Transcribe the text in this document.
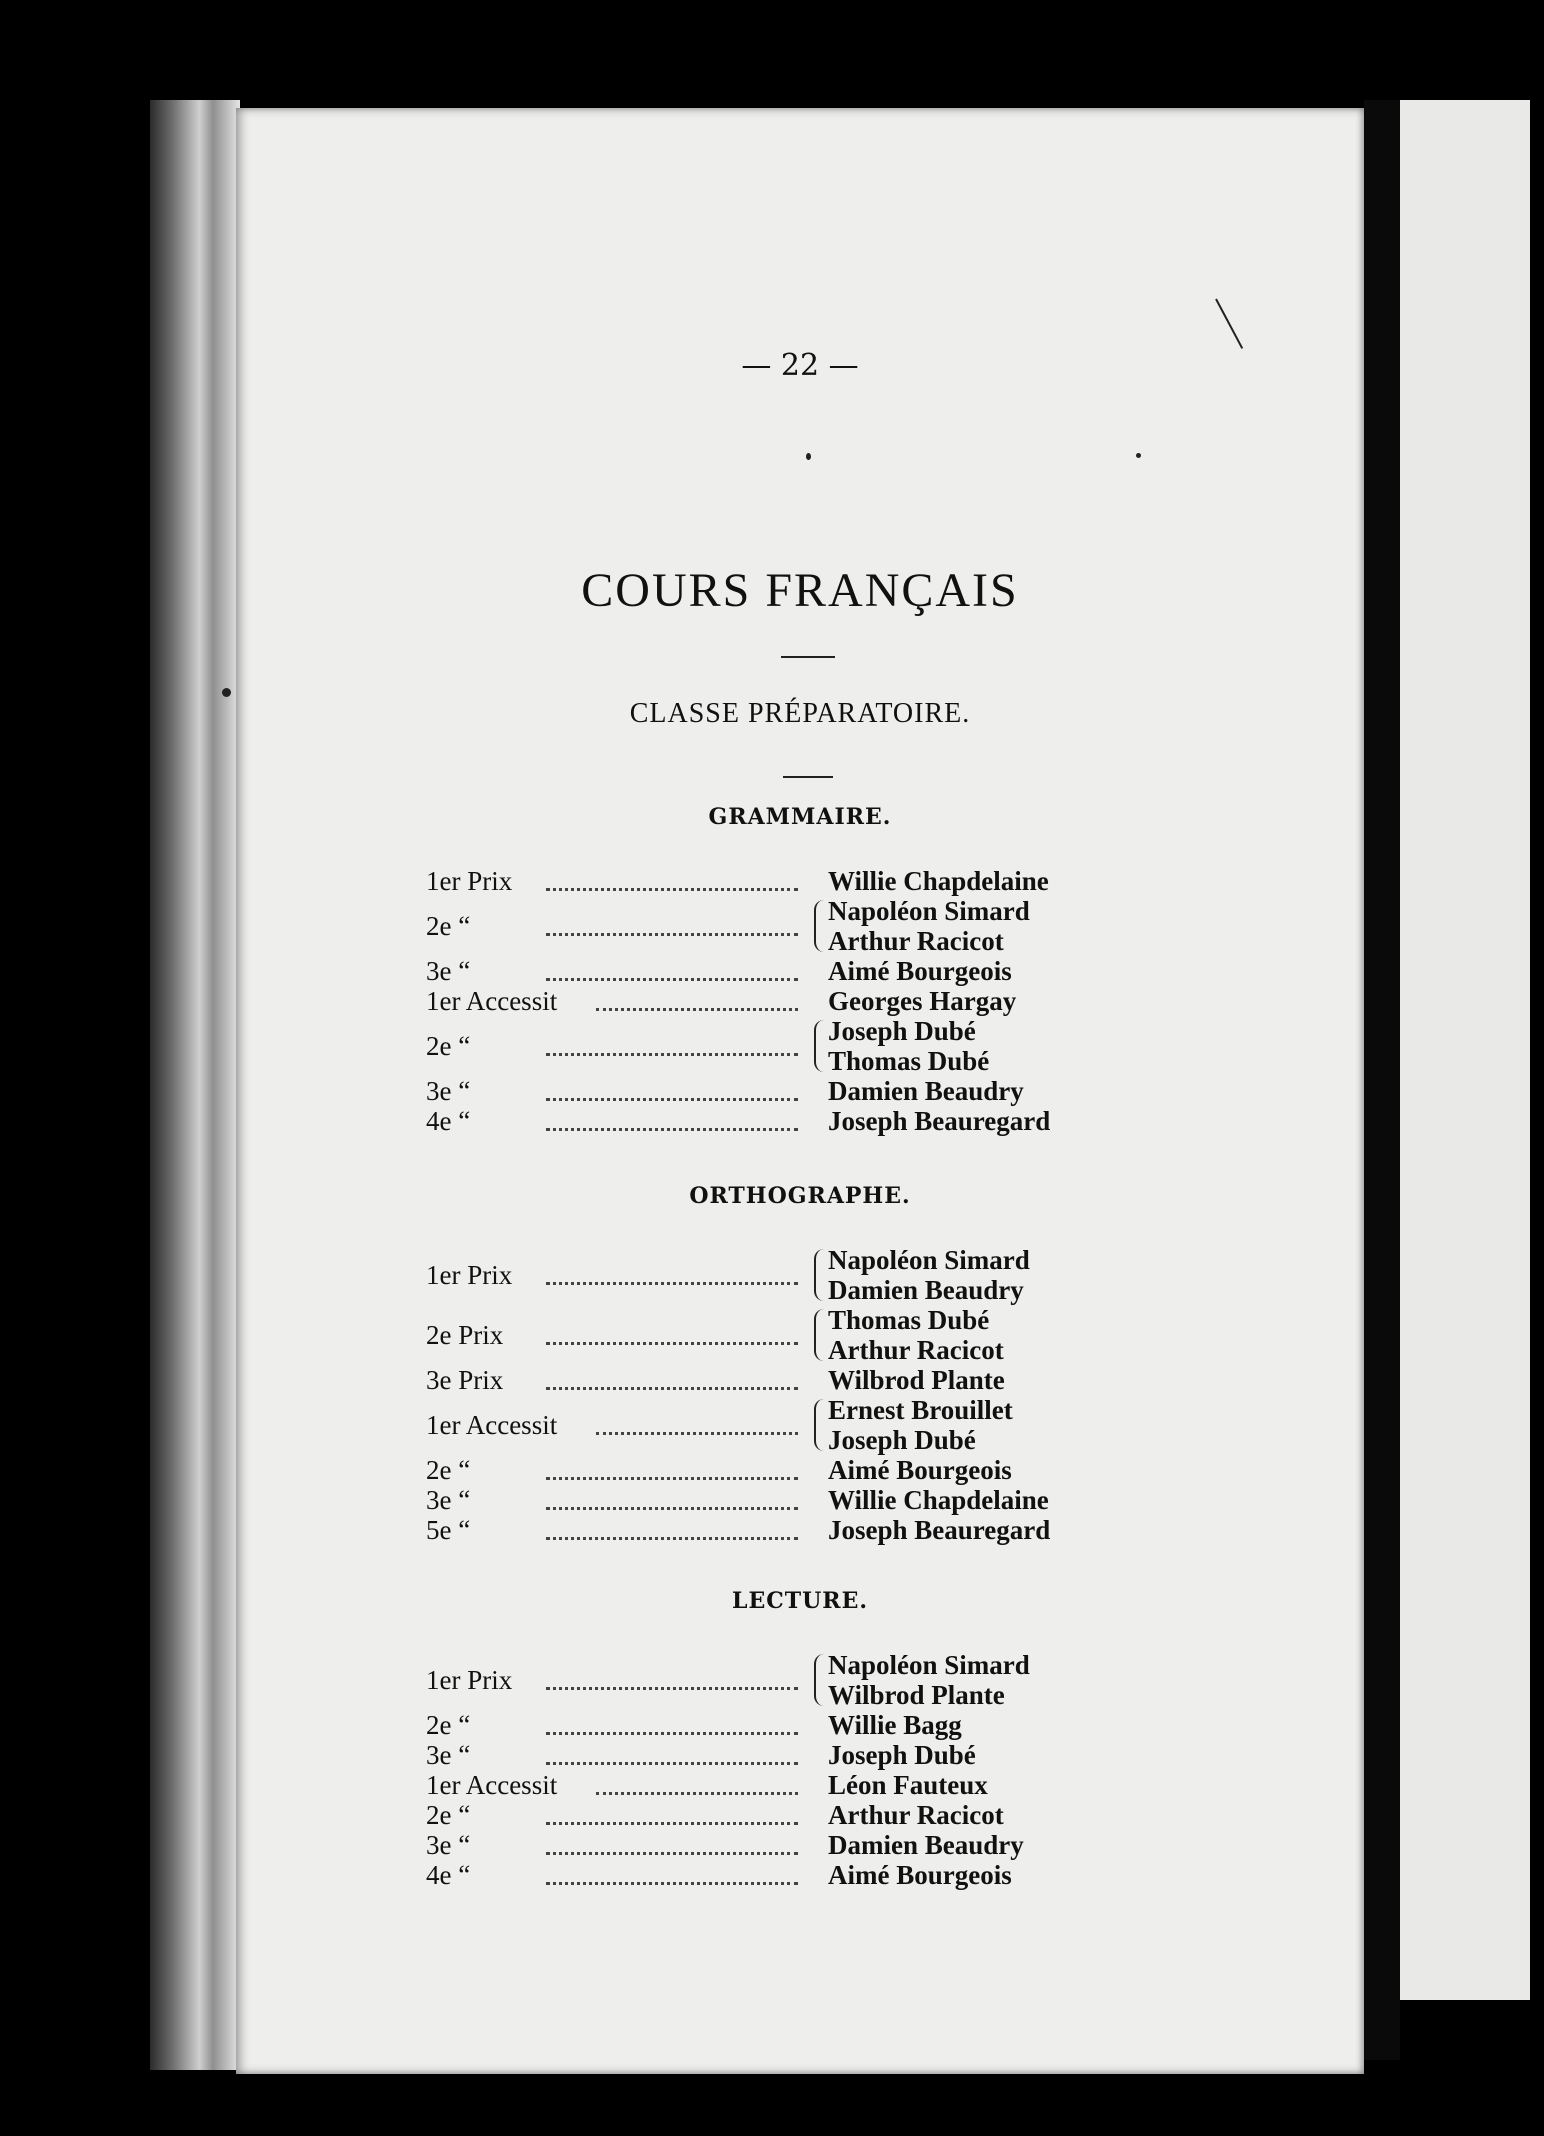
— 22 —
COURS FRANÇAIS
CLASSE PRÉPARATOIRE.
GRAMMAIRE.
1er Prix	Willie Chapdelaine
2e “	Napoléon Simard
Arthur Racicot
3e “	Aimé Bourgeois
1er Accessit	Georges Hargay
2e “	Joseph Dubé
Thomas Dubé
3e “	Damien Beaudry
4e “	Joseph Beauregard
ORTHOGRAPHE.
1er Prix	Napoléon Simard
Damien Beaudry
2e Prix	Thomas Dubé
Arthur Racicot
3e Prix	Wilbrod Plante
1er Accessit	Ernest Brouillet
Joseph Dubé
2e “	Aimé Bourgeois
3e “	Willie Chapdelaine
5e “	Joseph Beauregard
LECTURE.
1er Prix	Napoléon Simard
Wilbrod Plante
2e “	Willie Bagg
3e “	Joseph Dubé
1er Accessit	Léon Fauteux
2e “	Arthur Racicot
3e “	Damien Beaudry
4e “	Aimé Bourgeois
